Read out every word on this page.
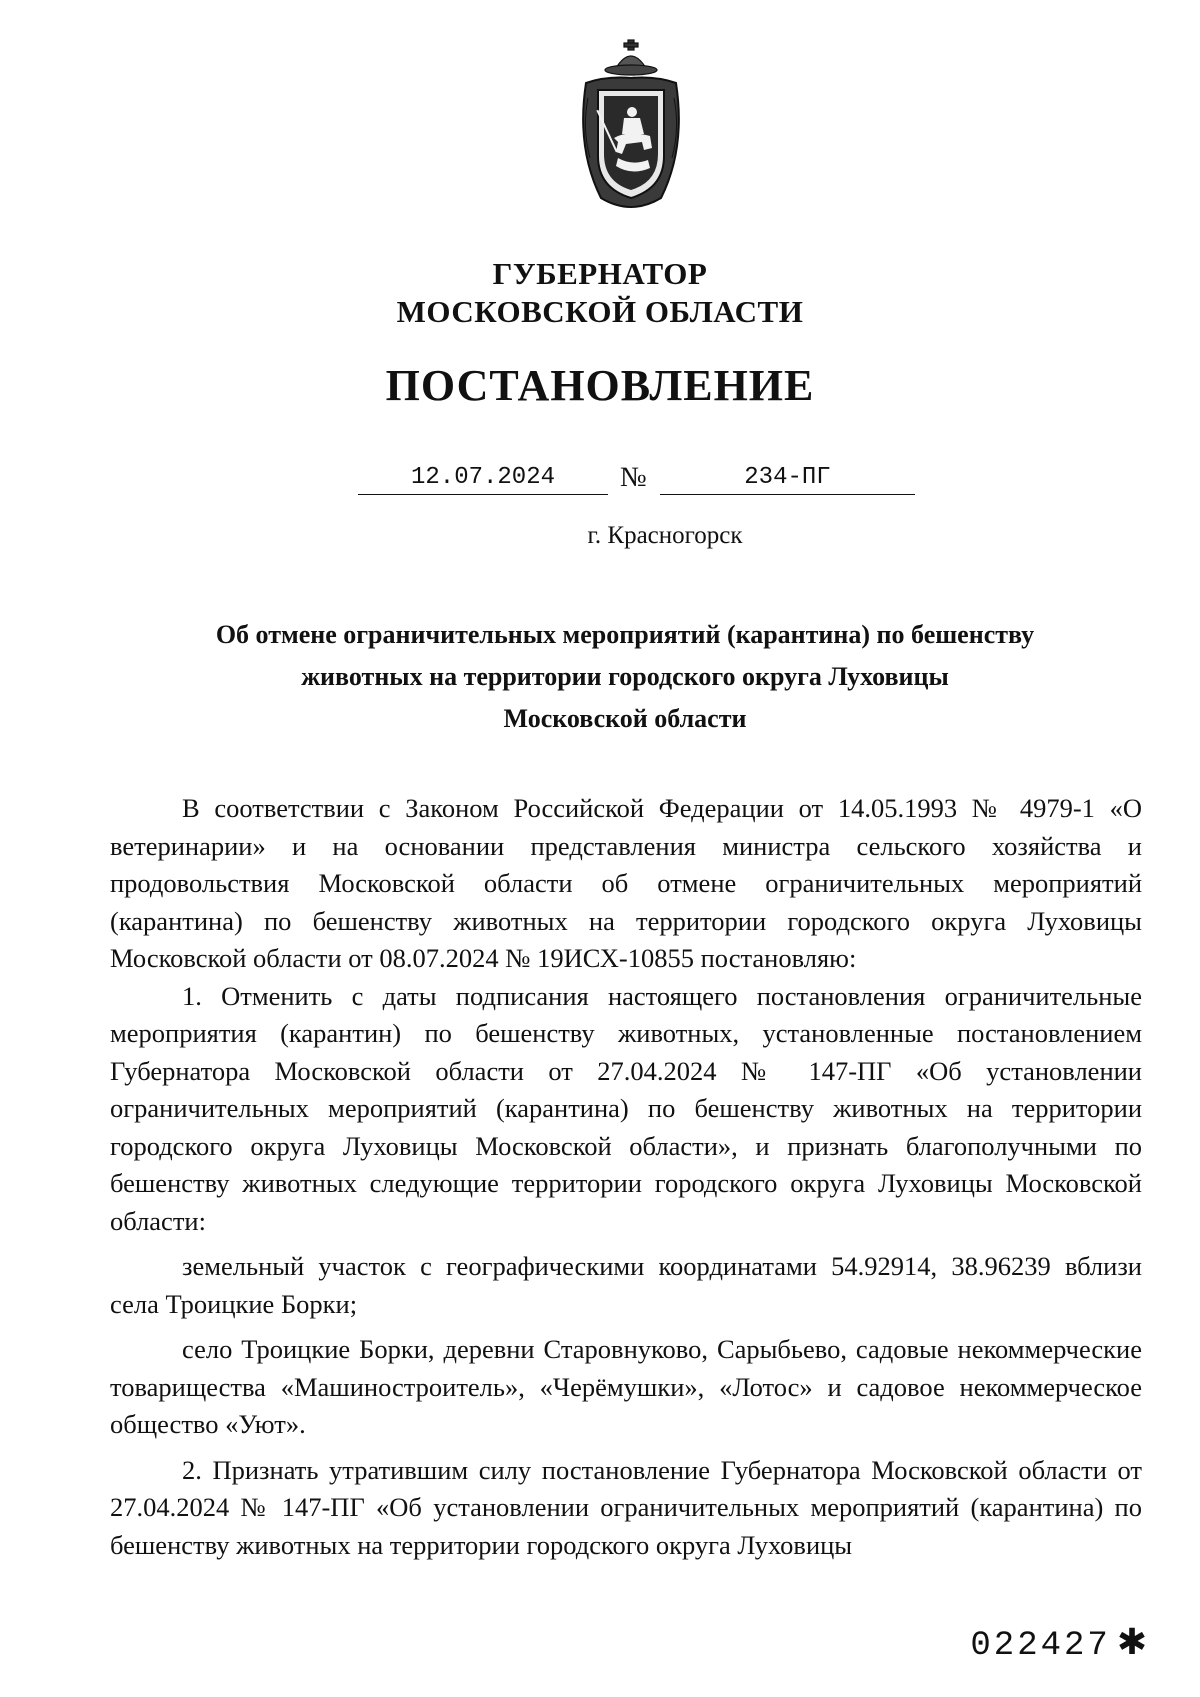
ГУБЕРНАТОР
МОСКОВСКОЙ ОБЛАСТИ
ПОСТАНОВЛЕНИЕ
12.07.2024	№	234-ПГ
г. Красногорск
Об отмене ограничительных мероприятий (карантина) по бешенству
животных на территории городского округа Луховицы
Московской области

В соответствии с Законом Российской Федерации от 14.05.1993 № 4979-1 «О ветеринарии» и на основании представления министра сельского хозяйства и продовольствия Московской области об отмене ограничительных мероприятий (карантина) по бешенству животных на территории городского округа Луховицы Московской области от 08.07.2024 № 19ИСХ-10855 постановляю:

1. Отменить с даты подписания настоящего постановления ограничительные мероприятия (карантин) по бешенству животных, установленные постановлением Губернатора Московской области от 27.04.2024 № 147-ПГ «Об установлении ограничительных мероприятий (карантина) по бешенству животных на территории городского округа Луховицы Московской области», и признать благополучными по бешенству животных следующие территории городского округа Луховицы Московской области:

земельный участок с географическими координатами 54.92914, 38.96239 вблизи села Троицкие Борки;

село Троицкие Борки, деревни Старовнуково, Сарыбьево, садовые некоммерческие товарищества «Машиностроитель», «Черёмушки», «Лотос» и садовое некоммерческое общество «Уют».

2. Признать утратившим силу постановление Губернатора Московской области от 27.04.2024 № 147-ПГ «Об установлении ограничительных мероприятий (карантина) по бешенству животных на территории городского округа Луховицы

022427 ✱
